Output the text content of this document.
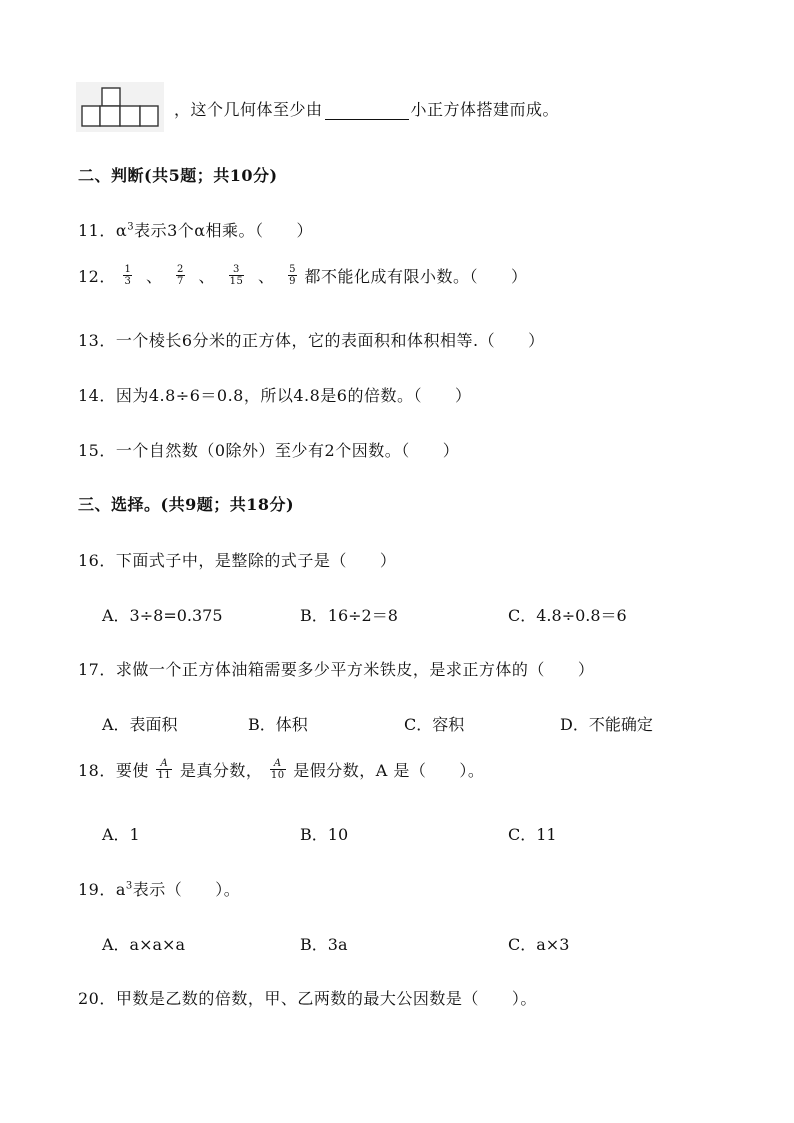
，这个几何体至少由	小正方体搭建而成。
二、判断(共5题；共10分)
11．$\alpha^3$表示3个α相乘。（　　）
12． $\frac{1}{3}$ 、 $\frac{2}{7}$ 、 $\frac{3}{15}$ 、 $\frac{5}{9}$ 都不能化成有限小数。（　　）
13．一个棱长6分米的正方体，它的表面积和体积相等.（　　）
14．因为4.8÷6＝0.8，所以4.8是6的倍数。（　　）
15．一个自然数（0除外）至少有2个因数。（　　）
三、选择。(共9题；共18分)
16．下面式子中，是整除的式子是（　　）
A．3÷8=0.375	B．16÷2＝8	C．4.8÷0.8＝6
17．求做一个正方体油箱需要多少平方米铁皮，是求正方体的（　　）
A．表面积	B．体积	C．容积	D．不能确定
18．要使 $\frac{A}{11}$ 是真分数， $\frac{A}{10}$ 是假分数，A 是（　　）。
A．1	B．10	C．11
19．$a^3$表示（　　）。
A．a×a×a	B．3a	C．a×3
20．甲数是乙数的倍数，甲、乙两数的最大公因数是（　　）。
